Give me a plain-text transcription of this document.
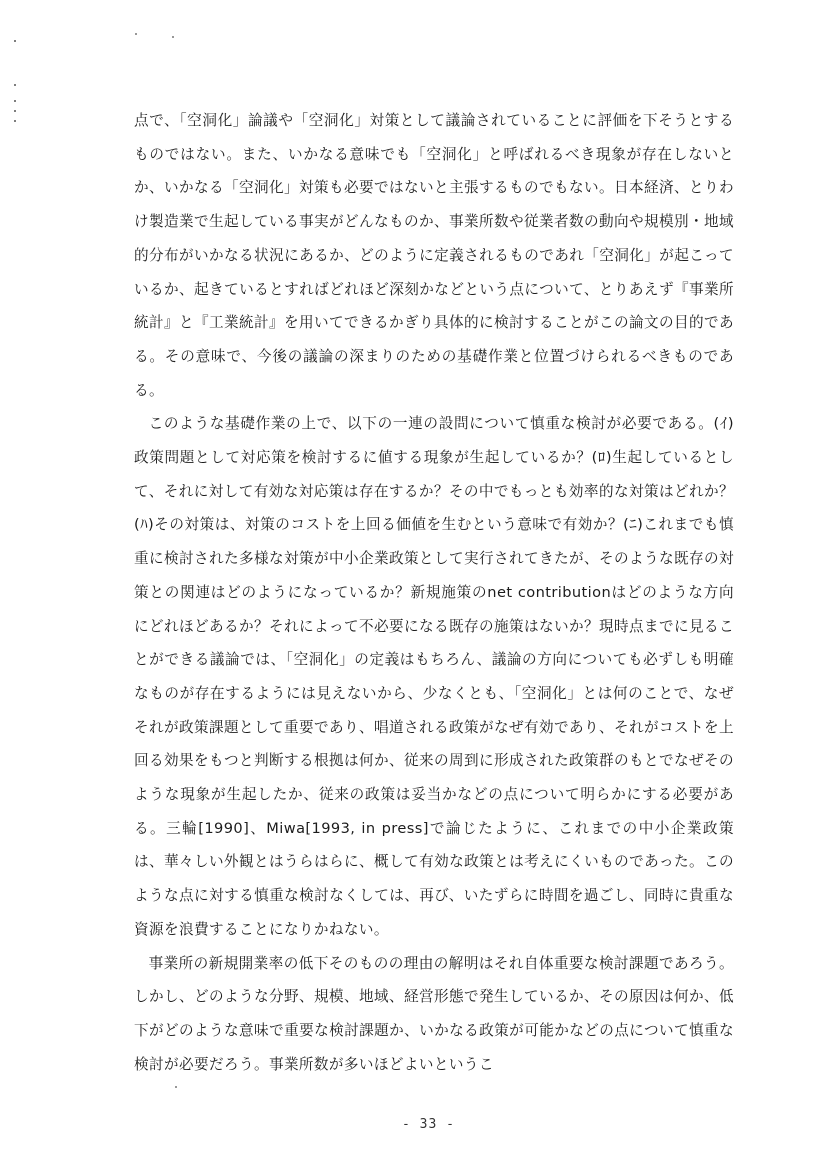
点で、「空洞化」論議や「空洞化」対策として議論されていることに評価を下そうとするものではない。また、いかなる意味でも「空洞化」と呼ばれるべき現象が存在しないとか、いかなる「空洞化」対策も必要ではないと主張するものでもない。日本経済、とりわけ製造業で生起している事実がどんなものか、事業所数や従業者数の動向や規模別・地域的分布がいかなる状況にあるか、どのように定義されるものであれ「空洞化」が起こっているか、起きているとすればどれほど深刻かなどという点について、とりあえず『事業所統計』と『工業統計』を用いてできるかぎり具体的に検討することがこの論文の目的である。その意味で、今後の議論の深まりのための基礎作業と位置づけられるべきものである。

このような基礎作業の上で、以下の一連の設問について慎重な検討が必要である。(ｲ)政策問題として対応策を検討するに値する現象が生起しているか？(ﾛ)生起しているとして、それに対して有効な対応策は存在するか？その中でもっとも効率的な対策はどれか？(ﾊ)その対策は、対策のコストを上回る価値を生むという意味で有効か？(ﾆ)これまでも慎重に検討された多様な対策が中小企業政策として実行されてきたが、そのような既存の対策との関連はどのようになっているか？新規施策のnet contributionはどのような方向にどれほどあるか？それによって不必要になる既存の施策はないか？現時点までに見ることができる議論では、「空洞化」の定義はもちろん、議論の方向についても必ずしも明確なものが存在するようには見えないから、少なくとも、「空洞化」とは何のことで、なぜそれが政策課題として重要であり、唱道される政策がなぜ有効であり、それがコストを上回る効果をもつと判断する根拠は何か、従来の周到に形成された政策群のもとでなぜそのような現象が生起したか、従来の政策は妥当かなどの点について明らかにする必要がある。三輪[1990]、Miwa[1993, in press]で論じたように、これまでの中小企業政策は、華々しい外観とはうらはらに、概して有効な政策とは考えにくいものであった。このような点に対する慎重な検討なくしては、再び、いたずらに時間を過ごし、同時に貴重な資源を浪費することになりかねない。

事業所の新規開業率の低下そのものの理由の解明はそれ自体重要な検討課題であろう。しかし、どのような分野、規模、地域、経営形態で発生しているか、その原因は何か、低下がどのような意味で重要な検討課題か、いかなる政策が可能かなどの点について慎重な検討が必要だろう。事業所数が多いほどよいというこ

- 33 -
